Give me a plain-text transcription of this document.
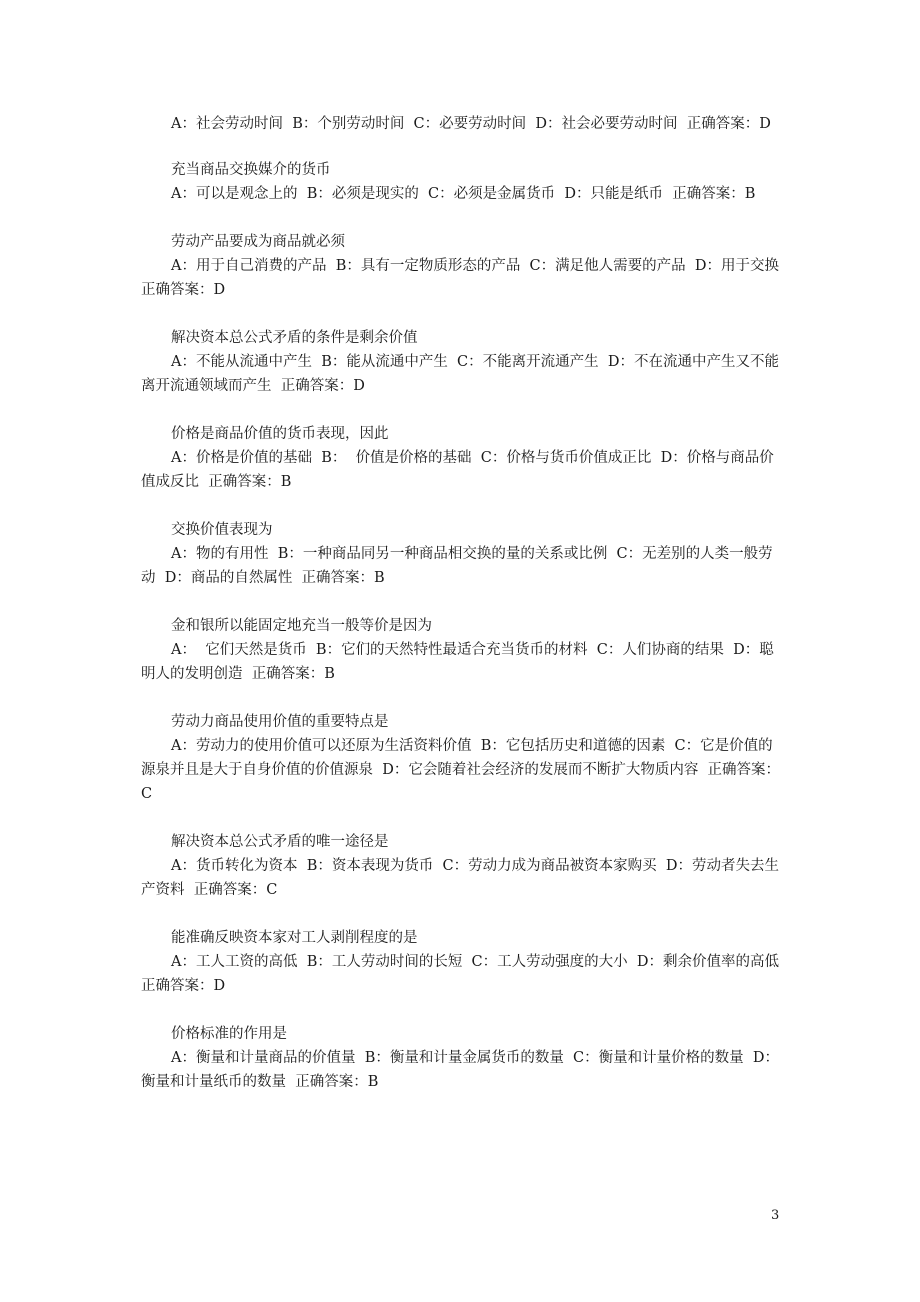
A：社会劳动时间  B：个别劳动时间  C：必要劳动时间  D：社会必要劳动时间  正确答案：D
充当商品交换媒介的货币
A：可以是观念上的  B：必须是现实的  C：必须是金属货币  D：只能是纸币  正确答案：B
劳动产品要成为商品就必须
A：用于自己消费的产品  B：具有一定物质形态的产品  C：满足他人需要的产品  D：用于交换  正确答案：D
解决资本总公式矛盾的条件是剩余价值
A：不能从流通中产生  B：能从流通中产生  C：不能离开流通产生  D：不在流通中产生又不能离开流通领域而产生  正确答案：D
价格是商品价值的货币表现，因此
A：价格是价值的基础  B：  价值是价格的基础  C：价格与货币价值成正比  D：价格与商品价值成反比  正确答案：B
交换价值表现为
A：物的有用性  B：一种商品同另一种商品相交换的量的关系或比例  C：无差别的人类一般劳动  D：商品的自然属性  正确答案：B
金和银所以能固定地充当一般等价是因为
A：  它们天然是货币  B：它们的天然特性最适合充当货币的材料  C：人们协商的结果  D：聪明人的发明创造  正确答案：B
劳动力商品使用价值的重要特点是
A：劳动力的使用价值可以还原为生活资料价值  B：它包括历史和道德的因素  C：它是价值的源泉并且是大于自身价值的价值源泉  D：它会随着社会经济的发展而不断扩大物质内容  正确答案：C
解决资本总公式矛盾的唯一途径是
A：货币转化为资本  B：资本表现为货币  C：劳动力成为商品被资本家购买  D：劳动者失去生产资料  正确答案：C
能准确反映资本家对工人剥削程度的是
A：工人工资的高低  B：工人劳动时间的长短  C：工人劳动强度的大小  D：剩余价值率的高低  正确答案：D
价格标准的作用是
A：衡量和计量商品的价值量  B：衡量和计量金属货币的数量  C：衡量和计量价格的数量  D：衡量和计量纸币的数量  正确答案：B
3
